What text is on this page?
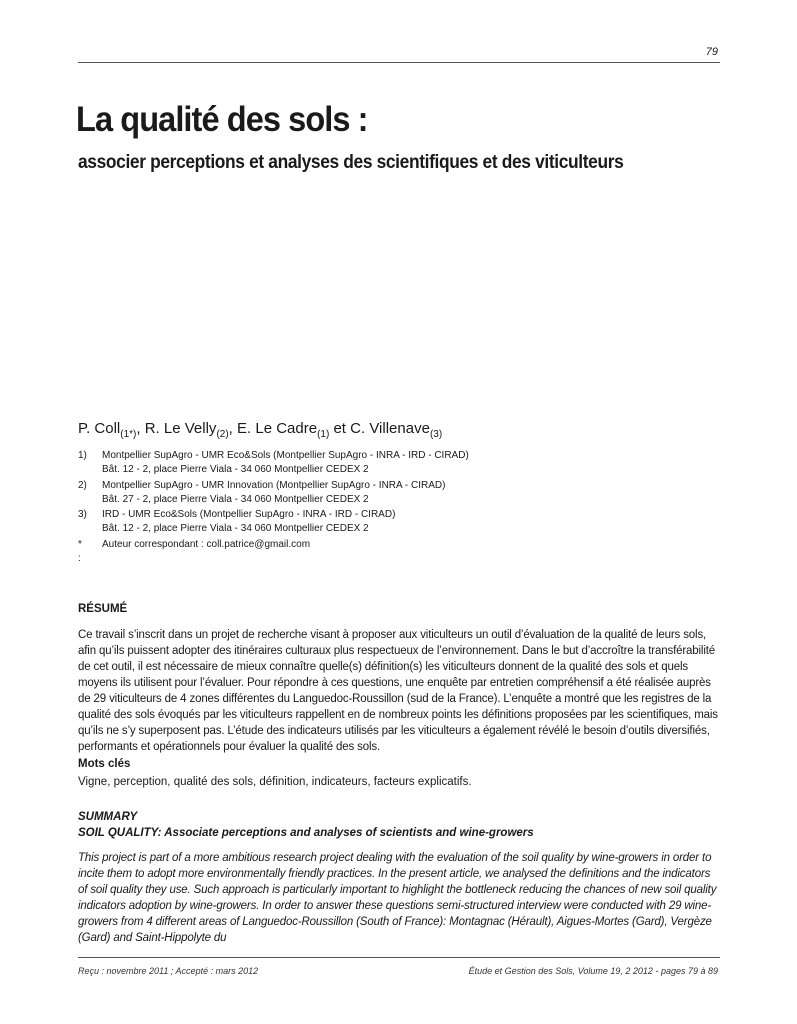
79
La qualité des sols :
associer perceptions et analyses des scientifiques et des viticulteurs
P. Coll$_{(1*)}$, R. Le Velly$_{(2)}$, E. Le Cadre$_{(1)}$ et C. Villenave$_{(3)}$
1) Montpellier SupAgro - UMR Eco&Sols (Montpellier SupAgro - INRA - IRD - CIRAD)
Bât. 12 - 2, place Pierre Viala - 34 060 Montpellier CEDEX 2
2) Montpellier SupAgro - UMR Innovation (Montpellier SupAgro - INRA - CIRAD)
Bât. 27 - 2, place Pierre Viala - 34 060 Montpellier CEDEX 2
3) IRD - UMR Eco&Sols (Montpellier SupAgro - INRA - IRD - CIRAD)
Bât. 12 - 2, place Pierre Viala - 34 060 Montpellier CEDEX 2
* :
Auteur correspondant : coll.patrice@gmail.com
RÉSUMÉ

Ce travail s’inscrit dans un projet de recherche visant à proposer aux viticulteurs un outil d’évaluation de la qualité de leurs sols, afin qu’ils puissent adopter des itinéraires culturaux plus respectueux de l’environnement. Dans le but d’accroître la transférabilité de cet outil, il est nécessaire de mieux connaître quelle(s) définition(s) les viticulteurs donnent de la qualité des sols et quels moyens ils utilisent pour l’évaluer. Pour répondre à ces questions, une enquête par entretien compréhensif a été réalisée auprès de 29 viticulteurs de 4 zones différentes du Languedoc-Roussillon (sud de la France). L’enquête a montré que les registres de la qualité des sols évoqués par les viticulteurs rappellent en de nombreux points les définitions proposées par les scientifiques, mais qu’ils ne s’y superposent pas. L’étude des indicateurs utilisés par les viticulteurs a également révélé le besoin d’outils diversifiés, performants et opérationnels pour évaluer la qualité des sols.

Mots clés

Vigne, perception, qualité des sols, définition, indicateurs, facteurs explicatifs.

SUMMARY
SOIL QUALITY: Associate perceptions and analyses of scientists and wine-growers

This project is part of a more ambitious research project dealing with the evaluation of the soil quality by wine-growers in order to incite them to adopt more environmentally friendly practices. In the present article, we analysed the definitions and the indicators of soil quality they use. Such approach is particularly important to highlight the bottleneck reducing the chances of new soil quality indicators adoption by wine-growers. In order to answer these questions semi-structured interview were conducted with 29 wine-growers from 4 different areas of Languedoc-Roussillon (South of France): Montagnac (Hérault), Aigues-Mortes (Gard), Vergèze (Gard) and Saint-Hippolyte du

Reçu : novembre 2011 ; Accepté : mars 2012	Étude et Gestion des Sols, Volume 19, 2 2012 - pages 79 à 89
